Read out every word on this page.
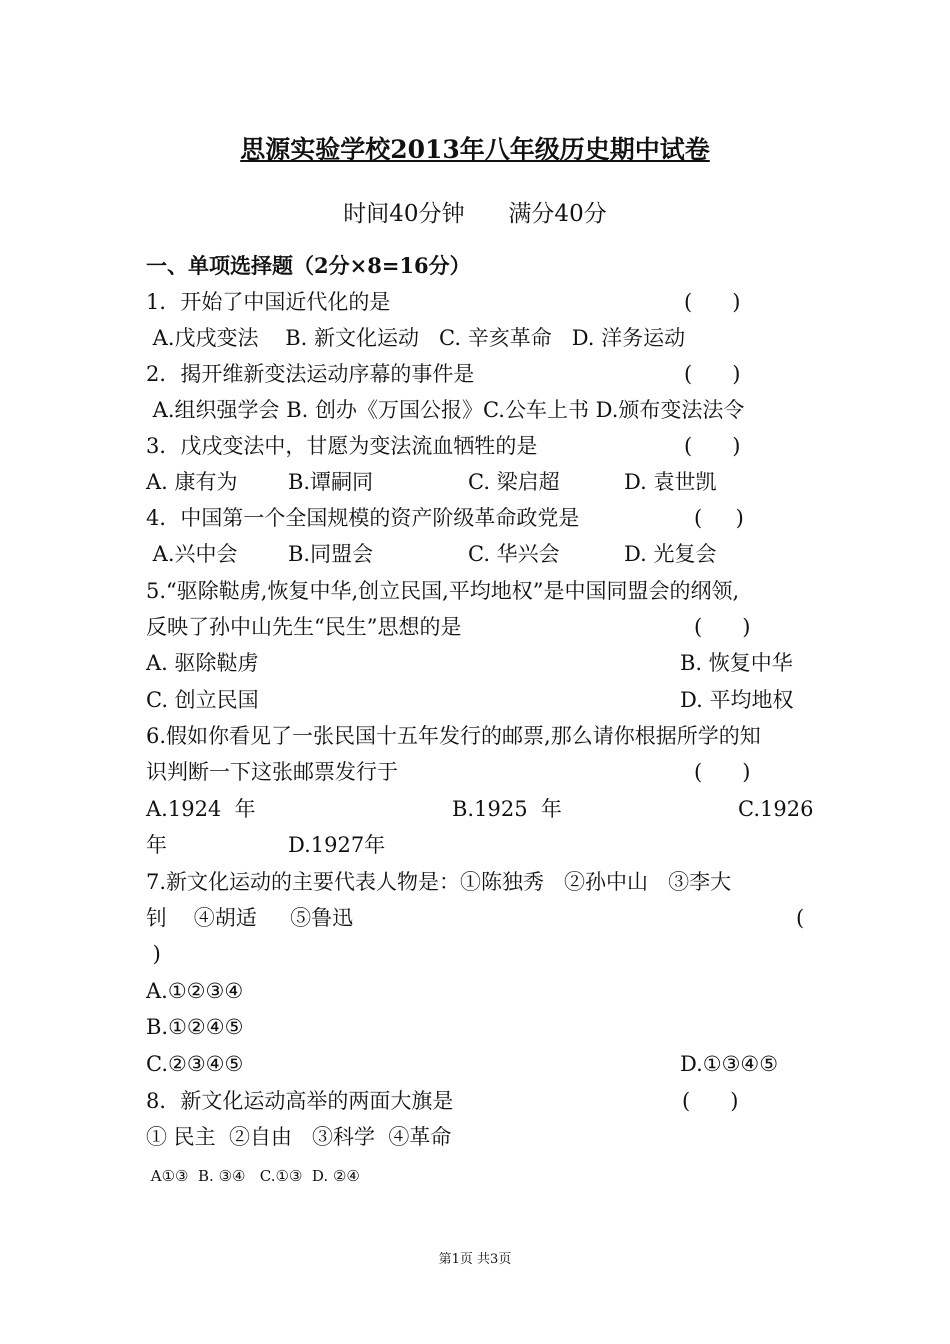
思源实验学校2013年八年级历史期中试卷
时间40分钟      满分40分
一、单项选择题（2分×8=16分）
1．开始了中国近代化的是	(      )
A.戊戌变法    B. 新文化运动   C. 辛亥革命   D. 洋务运动
2．揭开维新变法运动序幕的事件是	(      )
A.组织强学会 B. 创办《万国公报》C.公车上书 D.颁布变法法令
3．戊戌变法中，甘愿为变法流血牺牲的是	(      )
A. 康有为 B.谭嗣同	C. 梁启超	D. 袁世凯
4．中国第一个全国规模的资产阶级革命政党是	(     )
A.兴中会 B.同盟会	C. 华兴会	D. 光复会
5.“驱除鞑虏,恢复中华,创立民国,平均地权”是中国同盟会的纲领,
反映了孙中山先生“民生”思想的是	(      )
A. 驱除鞑虏	B. 恢复中华
C. 创立民国	D. 平均地权
6.假如你看见了一张民国十五年发行的邮票,那么请你根据所学的知
识判断一下这张邮票发行于	(      )
A.1924  年	B.1925  年	C.1926
年	D.1927年
7.新文化运动的主要代表人物是：①陈独秀   ②孙中山   ③李大
钊    ④胡适     ⑤鲁迅	(
)
A.①②③④
B.①②④⑤
C.②③④⑤	D.①③④⑤
8．新文化运动高举的两面大旗是	(      )
① 民主  ②自由   ③科学  ④革命
A①③  B. ③④   C.①③  D. ②④
第1页 共3页
